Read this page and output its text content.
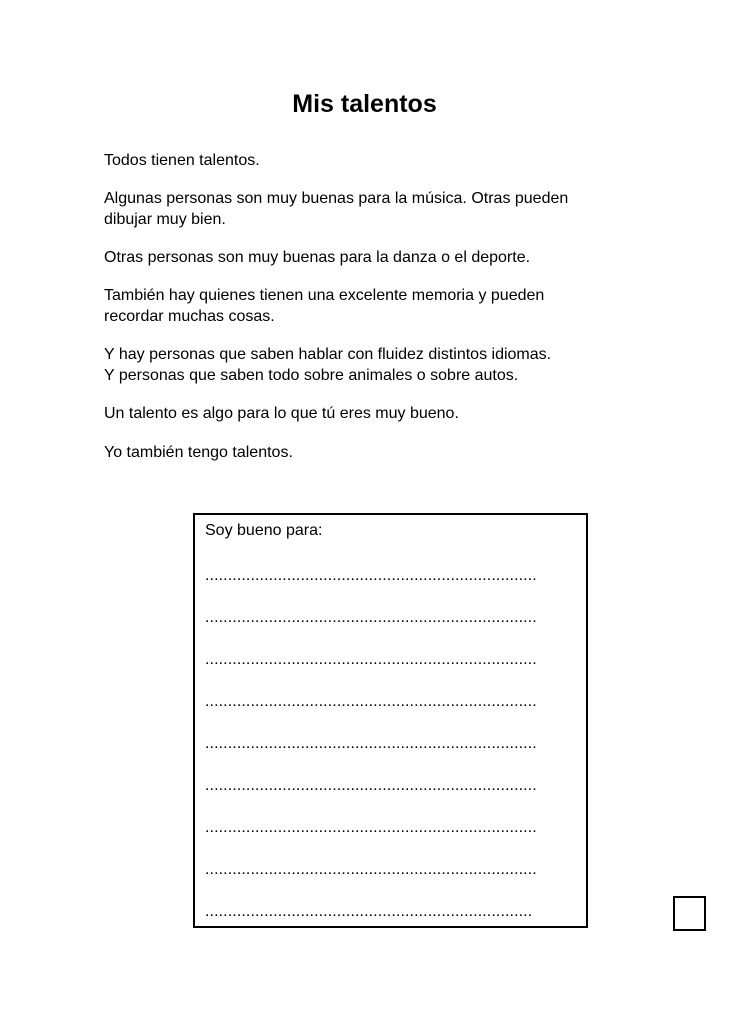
Mis talentos

Todos tienen talentos.

Algunas personas son muy buenas para la música. Otras pueden
dibujar muy bien.

Otras personas son muy buenas para la danza o el deporte.

También hay quienes tienen una excelente memoria y pueden
recordar muchas cosas.

Y hay personas que saben hablar con fluidez distintos idiomas.
Y personas que saben todo sobre animales o sobre autos.

Un talento es algo para lo que tú eres muy bueno.

Yo también tengo talentos.

Soy bueno para:
.........................................................................
.........................................................................
.........................................................................
.........................................................................
.........................................................................
.........................................................................
.........................................................................
.........................................................................
........................................................................
